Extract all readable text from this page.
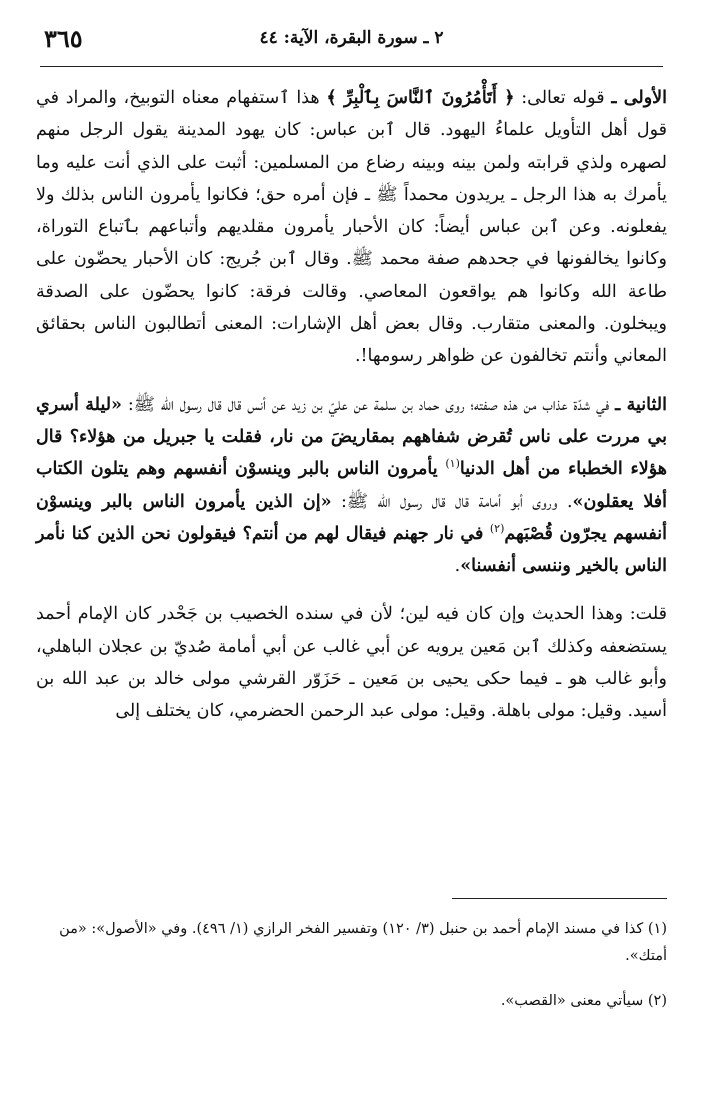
٣٦٥	٢ ـ سورة البقرة، الآية: ٤٤

الأولى ـ قوله تعالى: ﴿ أَتَأْمُرُونَ ٱلنَّاسَ بِٱلْبِرِّ ﴾ هذا ٱستفهام معناه التوبيخ، والمراد في قول أهل التأويل علماءُ اليهود. قال ٱبن عباس: كان يهود المدينة يقول الرجل منهم لصهره ولذي قرابته ولمن بينه وبينه رضاع من المسلمين: أثبت على الذي أنت عليه وما يأمرك به هذا الرجل ـ يريدون محمداً ﷺ ـ فإن أمره حق؛ فكانوا يأمرون الناس بذلك ولا يفعلونه. وعن ٱبن عباس أيضاً: كان الأحبار يأمرون مقلديهم وأتباعهم بٱتباع التوراة، وكانوا يخالفونها في جحدهم صفة محمد ﷺ. وقال ٱبن جُريج: كان الأحبار يحضّون على طاعة الله وكانوا هم يواقعون المعاصي. وقالت فرقة: كانوا يحضّون على الصدقة ويبخلون. والمعنى متقارب. وقال بعض أهل الإشارات: المعنى أتطالبون الناس بحقائق المعاني وأنتم تخالفون عن ظواهر رسومها!.

الثانية ـ في شدّة عذاب من هذه صفته؛ روى حماد بن سلمة عن عليّ بن زيد عن أنس قال قال رسول الله ﷺ: «ليلة أسري بي مررت على ناس تُقرض شفاههم بمقاريضَ من نار، فقلت يا جبريل من هؤلاء؟ قال هؤلاء الخطباء من أهل الدنيا$^{(١)}$ يأمرون الناس بالبر وينسوْن أنفسهم وهم يتلون الكتاب أفلا يعقلون». وروى أبو أمامة قال قال رسول الله ﷺ: «إن الذين يأمرون الناس بالبر وينسوْن أنفسهم يجرّون قُصْبَهم$^{(٢)}$ في نار جهنم فيقال لهم من أنتم؟ فيقولون نحن الذين كنا نأمر الناس بالخير وننسى أنفسنا».

قلت: وهذا الحديث وإن كان فيه لين؛ لأن في سنده الخصيب بن جَحْدر كان الإمام أحمد يستضعفه وكذلك ٱبن مَعين يرويه عن أبي غالب عن أبي أمامة صُديّ بن عجلان الباهلي، وأبو غالب هو ـ فيما حكى يحيى بن مَعين ـ حَزَوّر القرشي مولى خالد بن عبد الله بن أسيد. وقيل: مولى باهلة. وقيل: مولى عبد الرحمن الحضرمي، كان يختلف إلى

(١) كذا في مسند الإمام أحمد بن حنبل (٣/ ١٢٠) وتفسير الفخر الرازي (١/ ٤٩٦). وفي «الأصول»: «من أمتك».

(٢) سيأتي معنى «القصب».
